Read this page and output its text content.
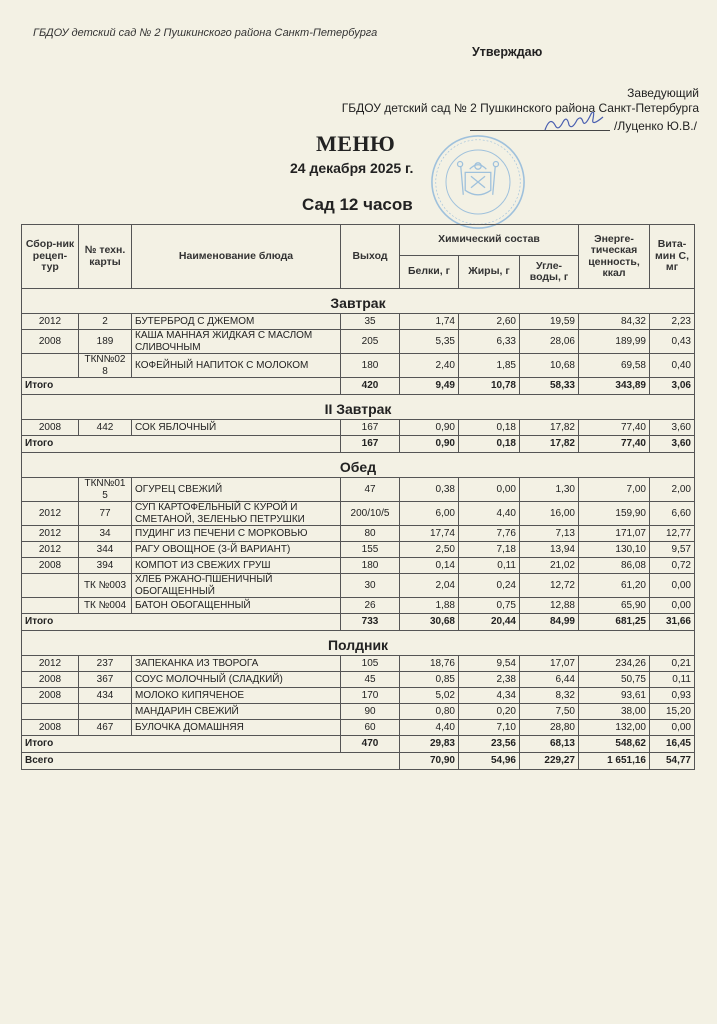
ГБДОУ детский сад № 2 Пушкинского района Санкт-Петербурга
Утверждаю
Заведующий
ГБДОУ детский сад № 2 Пушкинского района Санкт-Петербурга
/Луценко Ю.В./
МЕНЮ
24 декабря 2025 г.
Сад 12 часов
Сбор-ник рецеп-тур	№ техн. карты	Наименование блюда	Выход	Химический состав			Энерге-тическая ценность, ккал	Вита-мин С, мг
				Белки, г	Жиры, г	Угле-воды, г		
Завтрак								
2012	2	БУТЕРБРОД С ДЖЕМОМ	35	1,74	2,60	19,59	84,32	2,23
2008	189	КАША МАННАЯ ЖИДКАЯ С МАСЛОМ СЛИВОЧНЫМ	205	5,35	6,33	28,06	189,99	0,43
	ТКN№028	КОФЕЙНЫЙ НАПИТОК С МОЛОКОМ	180	2,40	1,85	10,68	69,58	0,40
Итого			420	9,49	10,78	58,33	343,89	3,06
II Завтрак								
2008	442	СОК ЯБЛОЧНЫЙ	167	0,90	0,18	17,82	77,40	3,60
Итого			167	0,90	0,18	17,82	77,40	3,60
Обед								
	ТКN№015	ОГУРЕЦ СВЕЖИЙ	47	0,38	0,00	1,30	7,00	2,00
2012	77	СУП КАРТОФЕЛЬНЫЙ С КУРОЙ И СМЕТАНОЙ, ЗЕЛЕНЬЮ ПЕТРУШКИ	200/10/5	6,00	4,40	16,00	159,90	6,60
2012	34	ПУДИНГ ИЗ ПЕЧЕНИ С МОРКОВЬЮ	80	17,74	7,76	7,13	171,07	12,77
2012	344	РАГУ ОВОЩНОЕ (3-Й ВАРИАНТ)	155	2,50	7,18	13,94	130,10	9,57
2008	394	КОМПОТ ИЗ СВЕЖИХ ГРУШ	180	0,14	0,11	21,02	86,08	0,72
	ТК №003	ХЛЕБ РЖАНО-ПШЕНИЧНЫЙ ОБОГАЩЕННЫЙ	30	2,04	0,24	12,72	61,20	0,00
	ТК №004	БАТОН ОБОГАЩЕННЫЙ	26	1,88	0,75	12,88	65,90	0,00
Итого			733	30,68	20,44	84,99	681,25	31,66
Полдник								
2012	237	ЗАПЕКАНКА ИЗ ТВОРОГА	105	18,76	9,54	17,07	234,26	0,21
2008	367	СОУС МОЛОЧНЫЙ (СЛАДКИЙ)	45	0,85	2,38	6,44	50,75	0,11
2008	434	МОЛОКО КИПЯЧЕНОЕ	170	5,02	4,34	8,32	93,61	0,93
		МАНДАРИН СВЕЖИЙ	90	0,80	0,20	7,50	38,00	15,20
2008	467	БУЛОЧКА ДОМАШНЯЯ	60	4,40	7,10	28,80	132,00	0,00
Итого			470	29,83	23,56	68,13	548,62	16,45
Всего				70,90	54,96	229,27	1 651,16	54,77
